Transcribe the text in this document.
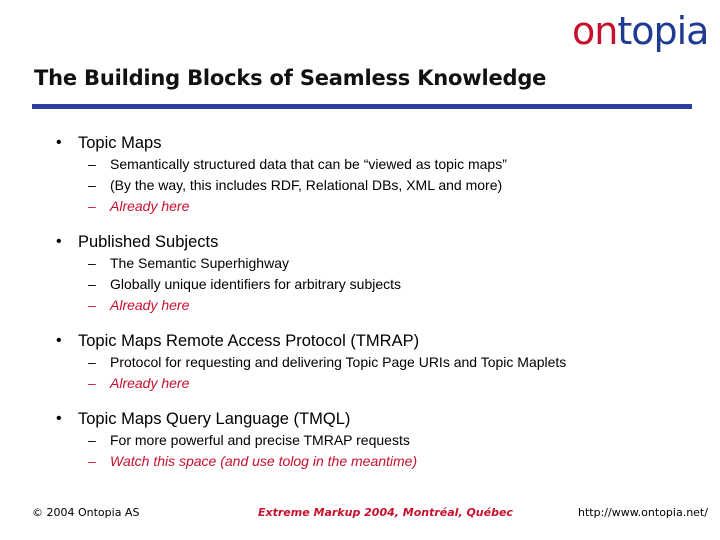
ontopia
The Building Blocks of Seamless Knowledge
• Topic Maps
– Semantically structured data that can be “viewed as topic maps”
– (By the way, this includes RDF, Relational DBs, XML and more)
– Already here
• Published Subjects
– The Semantic Superhighway
– Globally unique identifiers for arbitrary subjects
– Already here
• Topic Maps Remote Access Protocol (TMRAP)
– Protocol for requesting and delivering Topic Page URIs and Topic Maplets
– Already here
• Topic Maps Query Language (TMQL)
– For more powerful and precise TMRAP requests
– Watch this space (and use tolog in the meantime)
© 2004 Ontopia AS	Extreme Markup 2004, Montréal, Québec	http://www.ontopia.net/
